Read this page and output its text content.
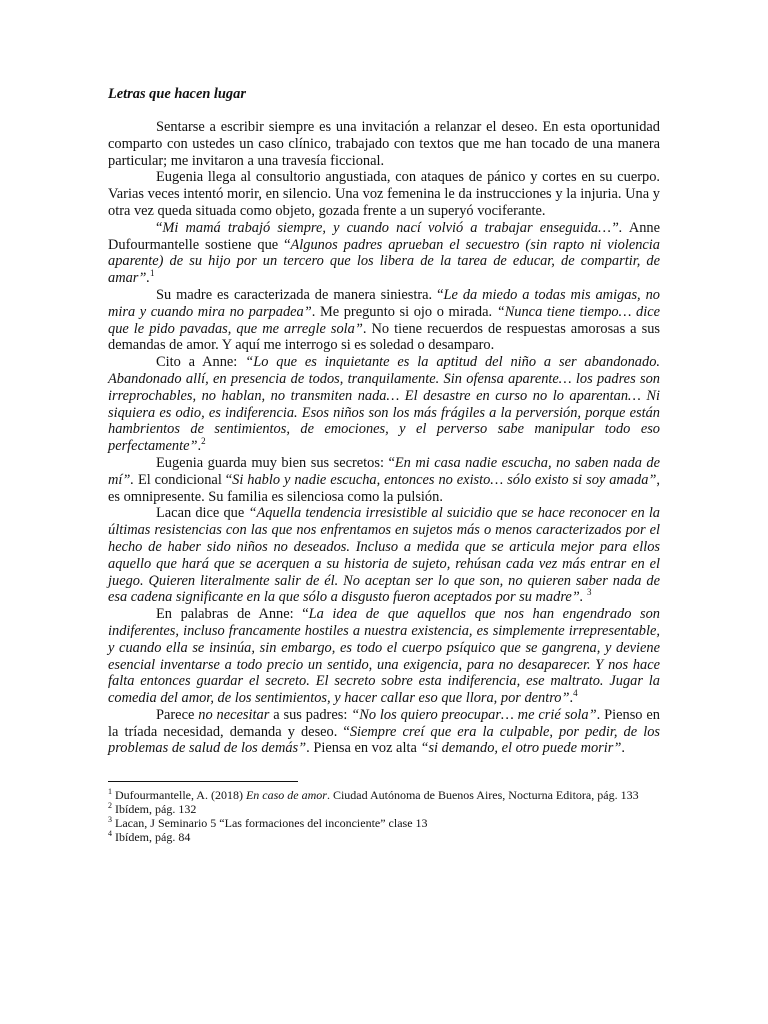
Letras que hacen lugar

Sentarse a escribir siempre es una invitación a relanzar el deseo. En esta oportunidad comparto con ustedes un caso clínico, trabajado con textos que me han tocado de una manera particular; me invitaron a una travesía ficcional.

Eugenia llega al consultorio angustiada, con ataques de pánico y cortes en su cuerpo. Varias veces intentó morir, en silencio. Una voz femenina le da instrucciones y la injuria. Una y otra vez queda situada como objeto, gozada frente a un superyó vociferante.

“Mi mamá trabajó siempre, y cuando nací volvió a trabajar enseguida…”. Anne Dufourmantelle sostiene que “Algunos padres aprueban el secuestro (sin rapto ni violencia aparente) de su hijo por un tercero que los libera de la tarea de educar, de compartir, de amar”.$^1$

Su madre es caracterizada de manera siniestra. “Le da miedo a todas mis amigas, no mira y cuando mira no parpadea”. Me pregunto si ojo o mirada. “Nunca tiene tiempo… dice que le pido pavadas, que me arregle sola”. No tiene recuerdos de respuestas amorosas a sus demandas de amor. Y aquí me interrogo si es soledad o desamparo.

Cito a Anne: “Lo que es inquietante es la aptitud del niño a ser abandonado. Abandonado allí, en presencia de todos, tranquilamente. Sin ofensa aparente… los padres son irreprochables, no hablan, no transmiten nada… El desastre en curso no lo aparentan… Ni siquiera es odio, es indiferencia. Esos niños son los más frágiles a la perversión, porque están hambrientos de sentimientos, de emociones, y el perverso sabe manipular todo eso perfectamente”.$^2$

Eugenia guarda muy bien sus secretos: “En mi casa nadie escucha, no saben nada de mí”. El condicional “Si hablo y nadie escucha, entonces no existo… sólo existo si soy amada”, es omnipresente. Su familia es silenciosa como la pulsión.

Lacan dice que “Aquella tendencia irresistible al suicidio que se hace reconocer en la últimas resistencias con las que nos enfrentamos en sujetos más o menos caracterizados por el hecho de haber sido niños no deseados. Incluso a medida que se articula mejor para ellos aquello que hará que se acerquen a su historia de sujeto, rehúsan cada vez más entrar en el juego. Quieren literalmente salir de él. No aceptan ser lo que son, no quieren saber nada de esa cadena significante en la que sólo a disgusto fueron aceptados por su madre”. $^3$

En palabras de Anne: “La idea de que aquellos que nos han engendrado son indiferentes, incluso francamente hostiles a nuestra existencia, es simplemente irrepresentable, y cuando ella se insinúa, sin embargo, es todo el cuerpo psíquico que se gangrena, y deviene esencial inventarse a todo precio un sentido, una exigencia, para no desaparecer. Y nos hace falta entonces guardar el secreto. El secreto sobre esta indiferencia, ese maltrato. Jugar la comedia del amor, de los sentimientos, y hacer callar eso que llora, por dentro”.$^4$

Parece no necesitar a sus padres: “No los quiero preocupar… me crié sola”. Pienso en la tríada necesidad, demanda y deseo. “Siempre creí que era la culpable, por pedir, de los problemas de salud de los demás”. Piensa en voz alta “si demando, el otro puede morir”.

$^1$ Dufourmantelle, A. (2018) En caso de amor. Ciudad Autónoma de Buenos Aires, Nocturna Editora, pág. 133

$^2$ Ibídem, pág. 132

$^3$ Lacan, J Seminario 5 “Las formaciones del inconciente” clase 13

$^4$ Ibídem, pág. 84
